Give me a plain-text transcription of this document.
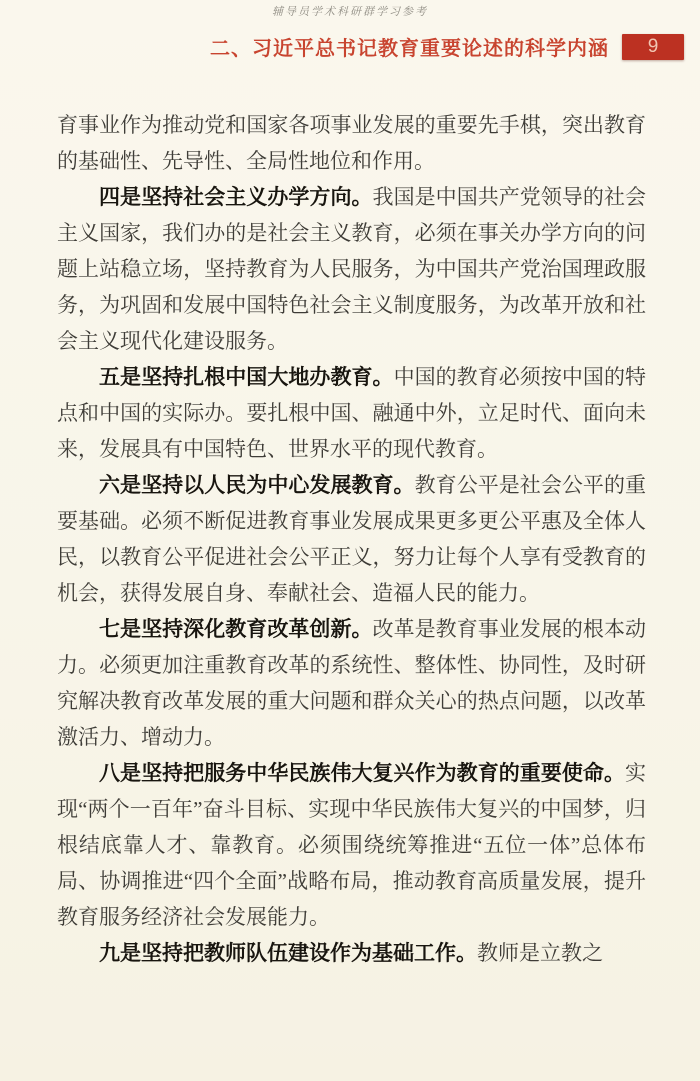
辅导员学术科研群学习参考
二、习近平总书记教育重要论述的科学内涵 9

育事业作为推动党和国家各项事业发展的重要先手棋，突出教育的基础性、先导性、全局性地位和作用。

四是坚持社会主义办学方向。我国是中国共产党领导的社会主义国家，我们办的是社会主义教育，必须在事关办学方向的问题上站稳立场，坚持教育为人民服务，为中国共产党治国理政服务，为巩固和发展中国特色社会主义制度服务，为改革开放和社会主义现代化建设服务。

五是坚持扎根中国大地办教育。中国的教育必须按中国的特点和中国的实际办。要扎根中国、融通中外，立足时代、面向未来，发展具有中国特色、世界水平的现代教育。

六是坚持以人民为中心发展教育。教育公平是社会公平的重要基础。必须不断促进教育事业发展成果更多更公平惠及全体人民，以教育公平促进社会公平正义，努力让每个人享有受教育的机会，获得发展自身、奉献社会、造福人民的能力。

七是坚持深化教育改革创新。改革是教育事业发展的根本动力。必须更加注重教育改革的系统性、整体性、协同性，及时研究解决教育改革发展的重大问题和群众关心的热点问题，以改革激活力、增动力。

八是坚持把服务中华民族伟大复兴作为教育的重要使命。实现“两个一百年”奋斗目标、实现中华民族伟大复兴的中国梦，归根结底靠人才、靠教育。必须围绕统筹推进“五位一体”总体布局、协调推进“四个全面”战略布局，推动教育高质量发展，提升教育服务经济社会发展能力。

九是坚持把教师队伍建设作为基础工作。教师是立教之
